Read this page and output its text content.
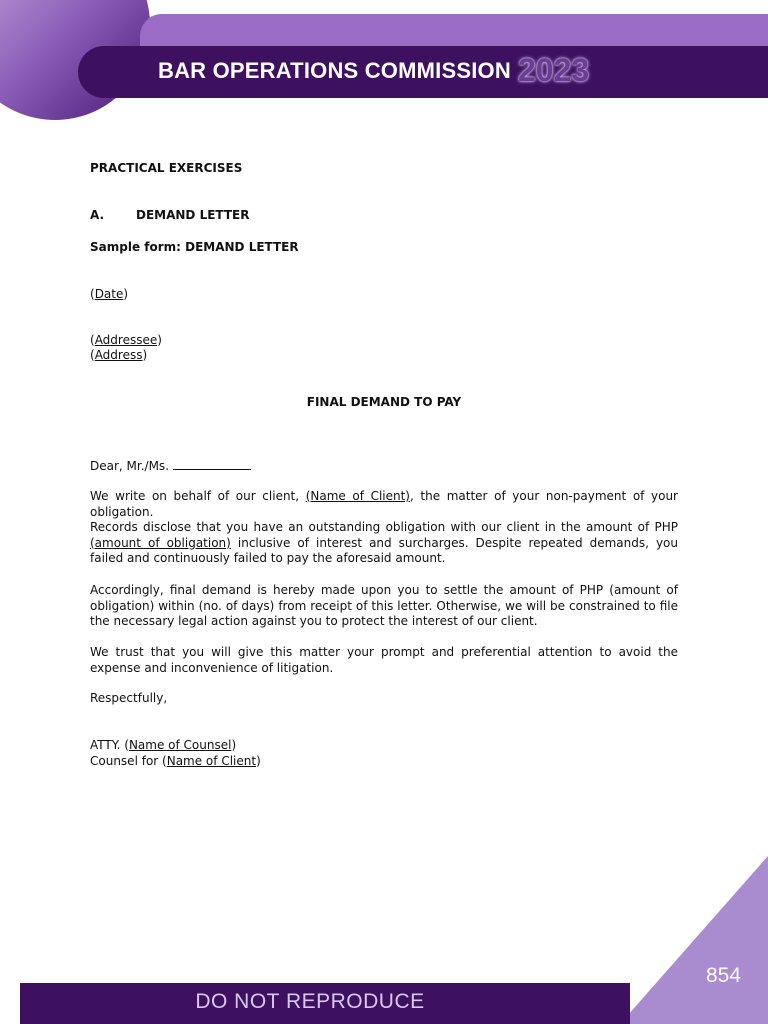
BAR OPERATIONS COMMISSION 2023

PRACTICAL EXERCISES

A.	DEMAND LETTER

Sample form: DEMAND LETTER

(Date)

(Addressee)

(Address)

FINAL DEMAND TO PAY

Dear, Mr./Ms.

We write on behalf of our client, (Name of Client), the matter of your non-payment of your obligation.

Records disclose that you have an outstanding obligation with our client in the amount of PHP (amount of obligation) inclusive of interest and surcharges. Despite repeated demands, you failed and continuously failed to pay the aforesaid amount.

Accordingly, final demand is hereby made upon you to settle the amount of PHP (amount of obligation) within (no. of days) from receipt of this letter. Otherwise, we will be constrained to file the necessary legal action against you to protect the interest of our client.

We trust that you will give this matter your prompt and preferential attention to avoid the expense and inconvenience of litigation.

Respectfully,

ATTY. (Name of Counsel)

Counsel for (Name of Client)

DO NOT REPRODUCE
854
